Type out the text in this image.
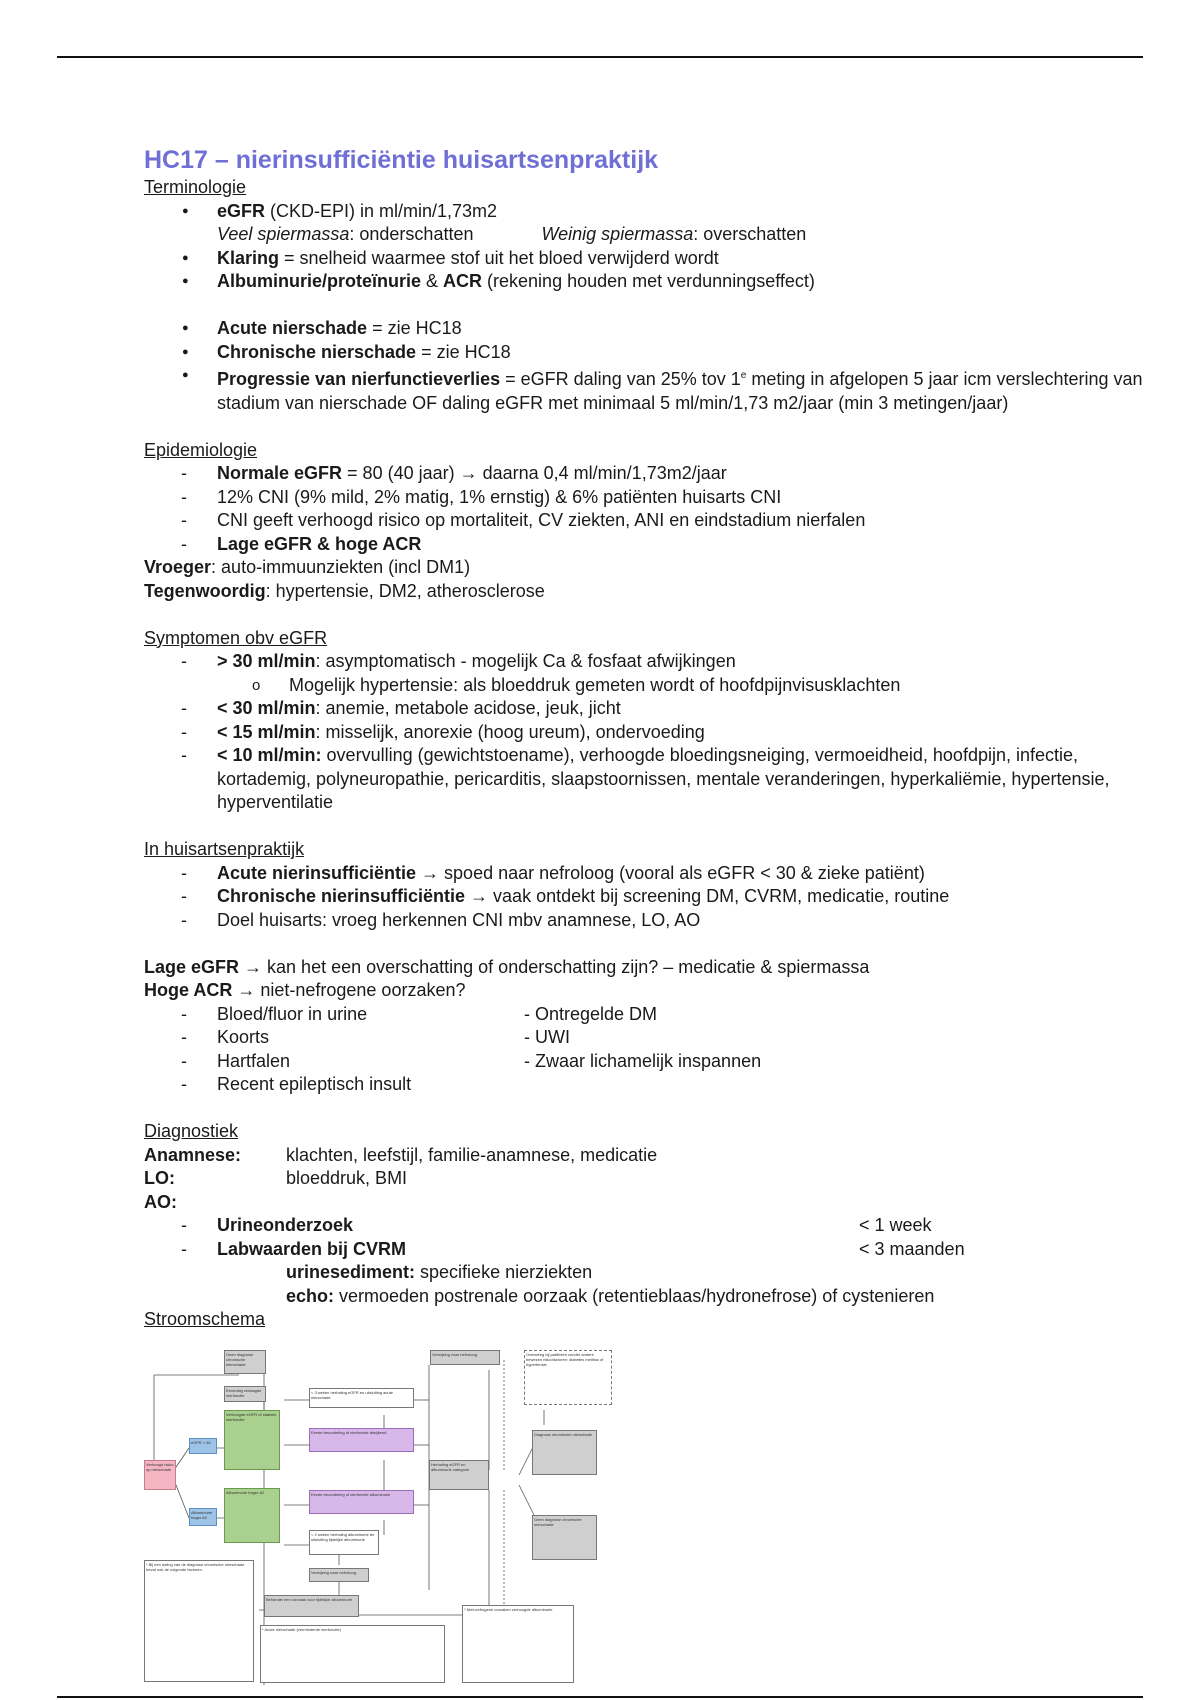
HC17 – nierinsufficiëntie huisartsenpraktijk

Terminologie

● eGFR (CKD-EPI) in ml/min/1,73m2
Veel spiermassa: onderschatten	Weinig spiermassa: overschatten
● Klaring = snelheid waarmee stof uit het bloed verwijderd wordt
● Albuminurie/proteïnurie & ACR (rekening houden met verdunningseffect)
● Acute nierschade = zie HC18
● Chronische nierschade = zie HC18
● Progressie van nierfunctieverlies = eGFR daling van 25% tov 1e meting in afgelopen 5 jaar icm verslechtering van stadium van nierschade OF daling eGFR met minimaal 5 ml/min/1,73 m2/jaar (min 3 metingen/jaar)

Epidemiologie

- Normale eGFR = 80 (40 jaar) → daarna 0,4 ml/min/1,73m2/jaar
- 12% CNI (9% mild, 2% matig, 1% ernstig) & 6% patiënten huisarts CNI
- CNI geeft verhoogd risico op mortaliteit, CV ziekten, ANI en eindstadium nierfalen
- Lage eGFR & hoge ACR
Vroeger: auto-immuunziekten (incl DM1)
Tegenwoordig: hypertensie, DM2, atherosclerose

Symptomen obv eGFR

- > 30 ml/min: asymptomatisch - mogelijk Ca & fosfaat afwijkingen
o Mogelijk hypertensie: als bloeddruk gemeten wordt of hoofdpijnvisusklachten
- < 30 ml/min: anemie, metabole acidose, jeuk, jicht
- < 15 ml/min: misselijk, anorexie (hoog ureum), ondervoeding
- < 10 ml/min: overvulling (gewichtstoename), verhoogde bloedingsneiging, vermoeidheid, hoofdpijn, infectie, kortademig, polyneuropathie, pericarditis, slaapstoornissen, mentale veranderingen, hyperkaliëmie, hypertensie, hyperventilatie

In huisartsenpraktijk

- Acute nierinsufficiëntie → spoed naar nefroloog (vooral als eGFR < 30 & zieke patiënt)
- Chronische nierinsufficiëntie → vaak ontdekt bij screening DM, CVRM, medicatie, routine
- Doel huisarts: vroeg herkennen CNI mbv anamnese, LO, AO
Lage eGFR → kan het een overschatting of onderschatting zijn? – medicatie & spiermassa
Hoge ACR → niet-nefrogene oorzaken?
- Bloed/fluor in urine	- Ontregelde DM
- Koorts	- UWI
- Hartfalen	- Zwaar lichamelijk inspannen
- Recent epileptisch insult

Diagnostiek

Anamnese: klachten, leefstijl, familie-anamnese, medicatie
LO:	bloeddruk, BMI
AO:
- Urineonderzoek	< 1 week
- Labwaarden bij CVRM	< 3 maanden
urinesediment: specifieke nierziekten
echo: vermoeden postrenale oorzaak (retentieblaas/hydronefrose) of cystenieren

Stroomschema

Geen diagnose chronische nierschade
Eenmalig verlaagde nierfunctie
Verwijzing naar nefroloog	Overweeg bij patiënten zonder andere bewezen risicofactoren: diabetes mellitus of hypertensie
< 3 weken herhaling eGFR en uitsluiting acute nierschade
Verhoogde eGFR of stabiele nierfunctie
Eerste beoordeling of nierfunctie afwijkend
eGFR < 60
Verhoogd risico op nierschade
Herhaling eGFR en albuminurie categorie
Diagnose chronische nierschade
Eerste beoordeling of nierfunctie albuminurie
Albuminurie hoger A2
Albuminurie hoger A2	Geen diagnose chronische nierschade
< 2 weken herhaling albuminurie ter uitsluiting tijdelijke albuminurie
Verwijzing naar nefroloog
Behandel een oorzaak voor tijdelijke albuminurie
* Bij een daling van de diagnose chronische nierschade bevat ook de volgende factoren
* Acute nierschade (verminderde nierfunctie)
* Niet-nefrogene oorzaken verhoogde albuminurie
